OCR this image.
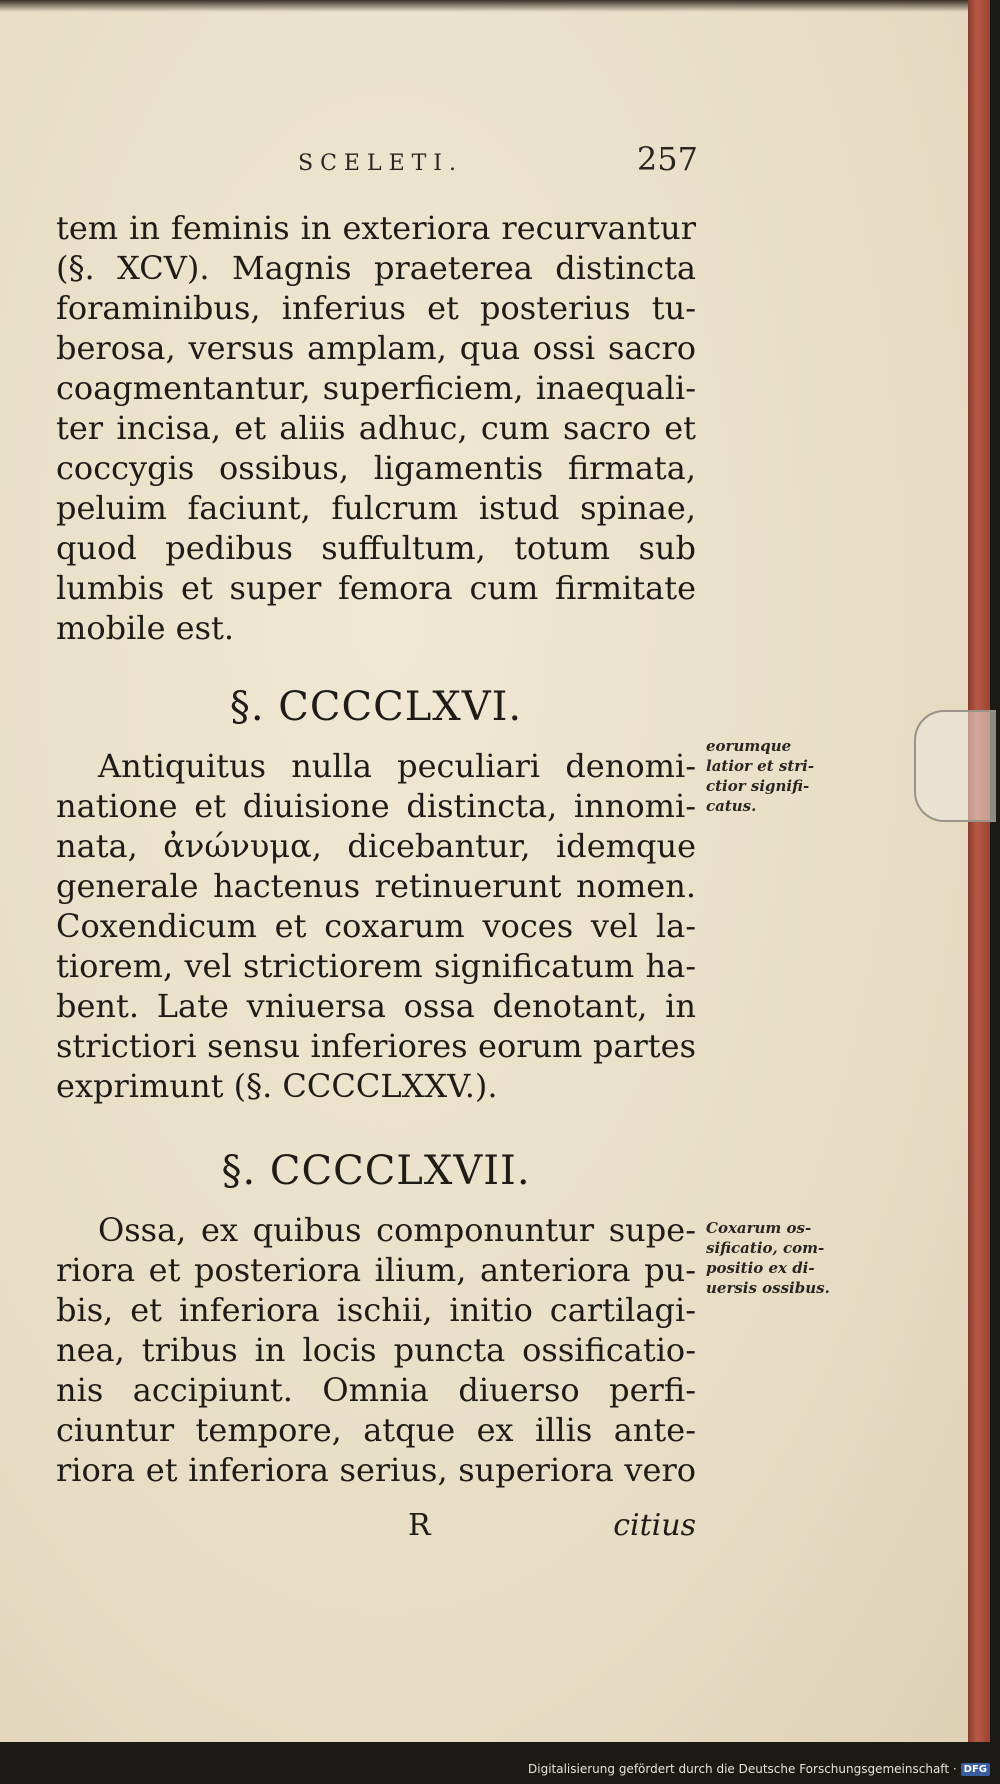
SCELETI.	257
tem in feminis in exteriora recurvantur
(§. XCV). Magnis praeterea distincta
foraminibus, inferius et posterius tu-
berosa, versus amplam, qua ossi sacro
coagmentantur, superficiem, inaequali-
ter incisa, et aliis adhuc, cum sacro et
coccygis ossibus, ligamentis firmata,
peluim faciunt, fulcrum istud spinae,
quod pedibus suffultum, totum sub
lumbis et super femora cum firmitate
mobile est.
§. CCCCLXVI.
Antiquitus nulla peculiari denomi-
natione et diuisione distincta, innomi-
nata, ἀνώνυμα, dicebantur, idemque
generale hactenus retinuerunt nomen.
Coxendicum et coxarum voces vel la-
tiorem, vel strictiorem significatum ha-
bent. Late vniuersa ossa denotant, in
strictiori sensu inferiores eorum partes
exprimunt (§. CCCCLXXV.).
eorumque
latior et stri-
ctior signifi-
catus.
§. CCCCLXVII.
Ossa, ex quibus componuntur supe-
riora et posteriora ilium, anteriora pu-
bis, et inferiora ischii, initio cartilagi-
nea, tribus in locis puncta ossificatio-
nis accipiunt. Omnia diuerso perfi-
ciuntur tempore, atque ex illis ante-
riora et inferiora serius, superiora vero
Coxarum os-
sificatio, com-
positio ex di-
uersis ossibus.
R	citius
Digitalisierung gefördert durch die Deutsche Forschungsgemeinschaft · DFG
